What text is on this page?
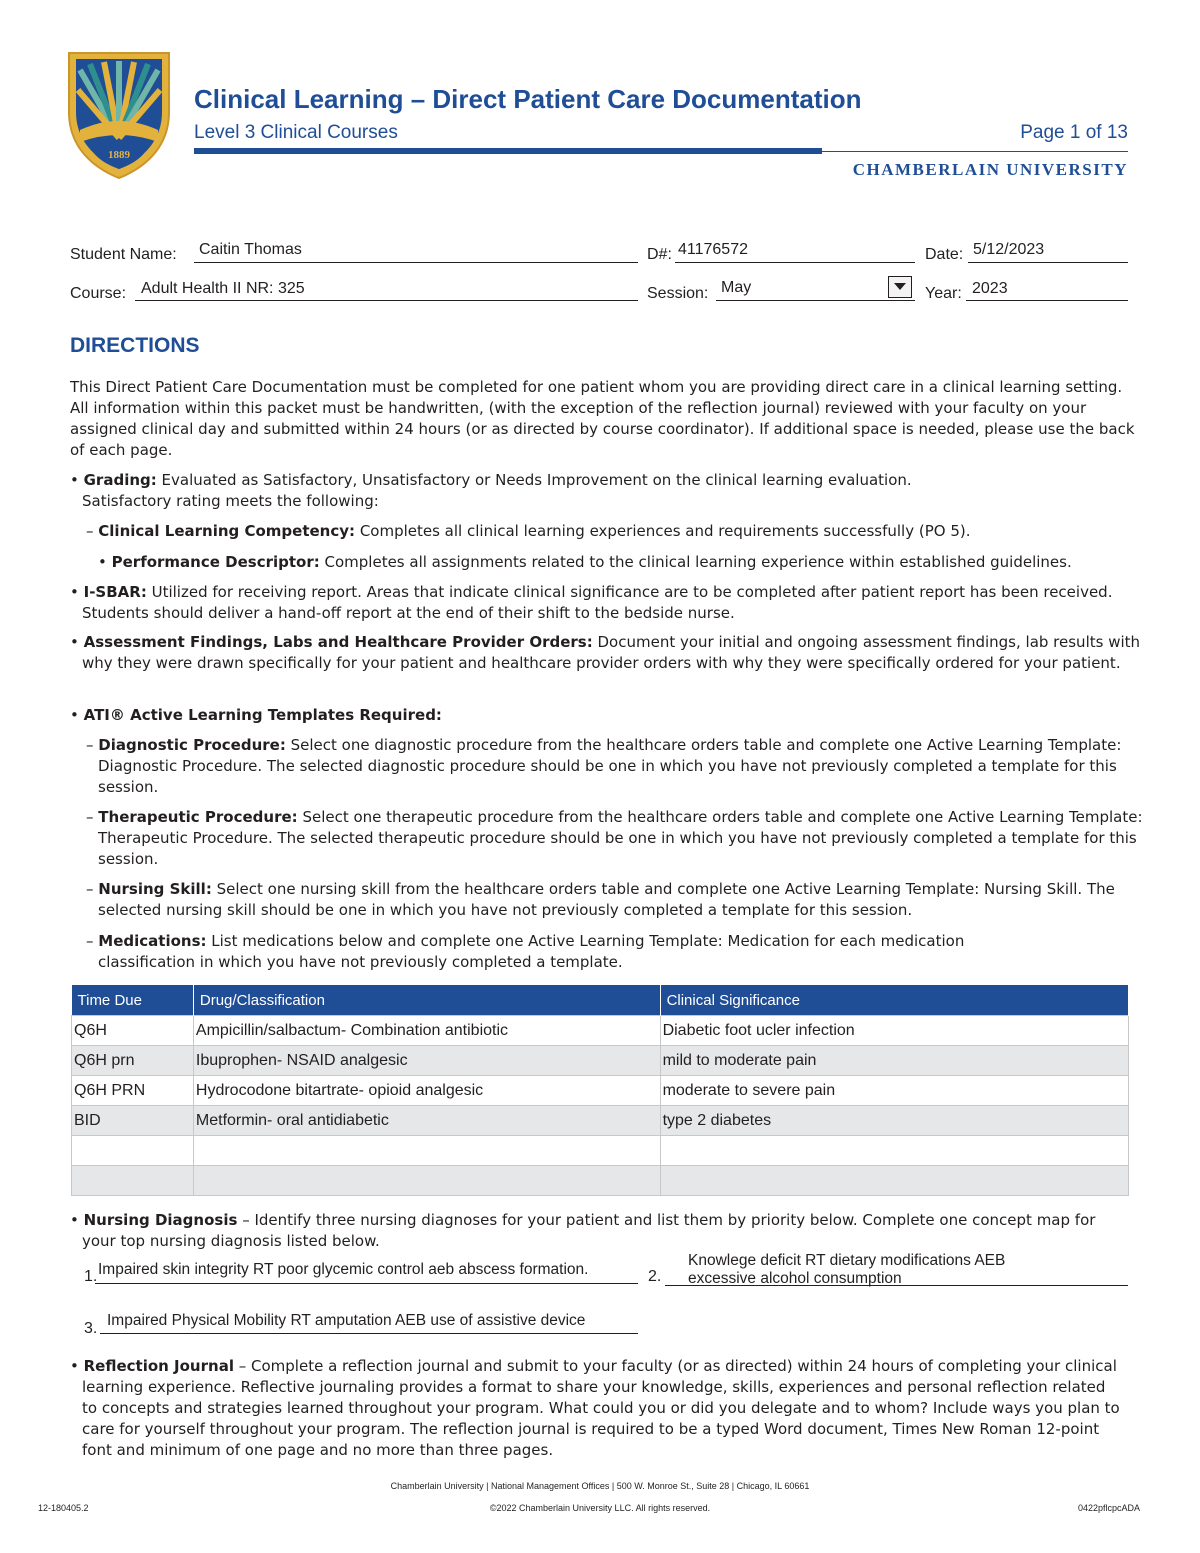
1889
Clinical Learning – Direct Patient Care Documentation
Level 3 Clinical Courses	Page 1 of 13
CHAMBERLAIN UNIVERSITY
Student Name: Caitin Thomas	D#: 41176572	Date: 5/12/2023
Course: Adult Health II NR: 325	Session: May	Year: 2023
DIRECTIONS
This Direct Patient Care Documentation must be completed for one patient whom you are providing direct care in a clinical learning setting. All information within this packet must be handwritten, (with the exception of the reflection journal) reviewed with your faculty on your assigned clinical day and submitted within 24 hours (or as directed by course coordinator). If additional space is needed, please use the back of each page.
• Grading: Evaluated as Satisfactory, Unsatisfactory or Needs Improvement on the clinical learning evaluation.
Satisfactory rating meets the following:
– Clinical Learning Competency: Completes all clinical learning experiences and requirements successfully (PO 5).
• Performance Descriptor: Completes all assignments related to the clinical learning experience within established guidelines.
• I-SBAR: Utilized for receiving report. Areas that indicate clinical significance are to be completed after patient report has been received. Students should deliver a hand-off report at the end of their shift to the bedside nurse.
• Assessment Findings, Labs and Healthcare Provider Orders: Document your initial and ongoing assessment findings, lab results with why they were drawn specifically for your patient and healthcare provider orders with why they were specifically ordered for your patient.
• ATI® Active Learning Templates Required:
– Diagnostic Procedure: Select one diagnostic procedure from the healthcare orders table and complete one Active Learning Template: Diagnostic Procedure. The selected diagnostic procedure should be one in which you have not previously completed a template for this session.
– Therapeutic Procedure: Select one therapeutic procedure from the healthcare orders table and complete one Active Learning Template: Therapeutic Procedure. The selected therapeutic procedure should be one in which you have not previously completed a template for this session.
– Nursing Skill: Select one nursing skill from the healthcare orders table and complete one Active Learning Template: Nursing Skill. The selected nursing skill should be one in which you have not previously completed a template for this session.
– Medications: List medications below and complete one Active Learning Template: Medication for each medication classification in which you have not previously completed a template.
Time Due	Drug/Classification	Clinical Significance
Q6H	Ampicillin/salbactum- Combination antibiotic	Diabetic foot ucler infection
Q6H prn	Ibuprophen- NSAID analgesic	mild to moderate pain
Q6H PRN	Hydrocodone bitartrate- opioid analgesic	moderate to severe pain
BID	Metformin- oral antidiabetic	type 2 diabetes

• Nursing Diagnosis – Identify three nursing diagnoses for your patient and list them by priority below. Complete one concept map for your top nursing diagnosis listed below.
1. Impaired skin integrity RT poor glycemic control aeb abscess formation.	2.
Knowlege deficit RT dietary modifications AEB
excessive alcohol consumption
3. Impaired Physical Mobility RT amputation AEB use of assistive device
• Reflection Journal – Complete a reflection journal and submit to your faculty (or as directed) within 24 hours of completing your clinical learning experience. Reflective journaling provides a format to share your knowledge, skills, experiences and personal reflection related to concepts and strategies learned throughout your program. What could you or did you delegate and to whom? Include ways you plan to care for yourself throughout your program. The reflection journal is required to be a typed Word document, Times New Roman 12-point font and minimum of one page and no more than three pages.
Chamberlain University | National Management Offices | 500 W. Monroe St., Suite 28 | Chicago, IL 60661
12-180405.2	©2022 Chamberlain University LLC. All rights reserved.	0422pflcpcADA
